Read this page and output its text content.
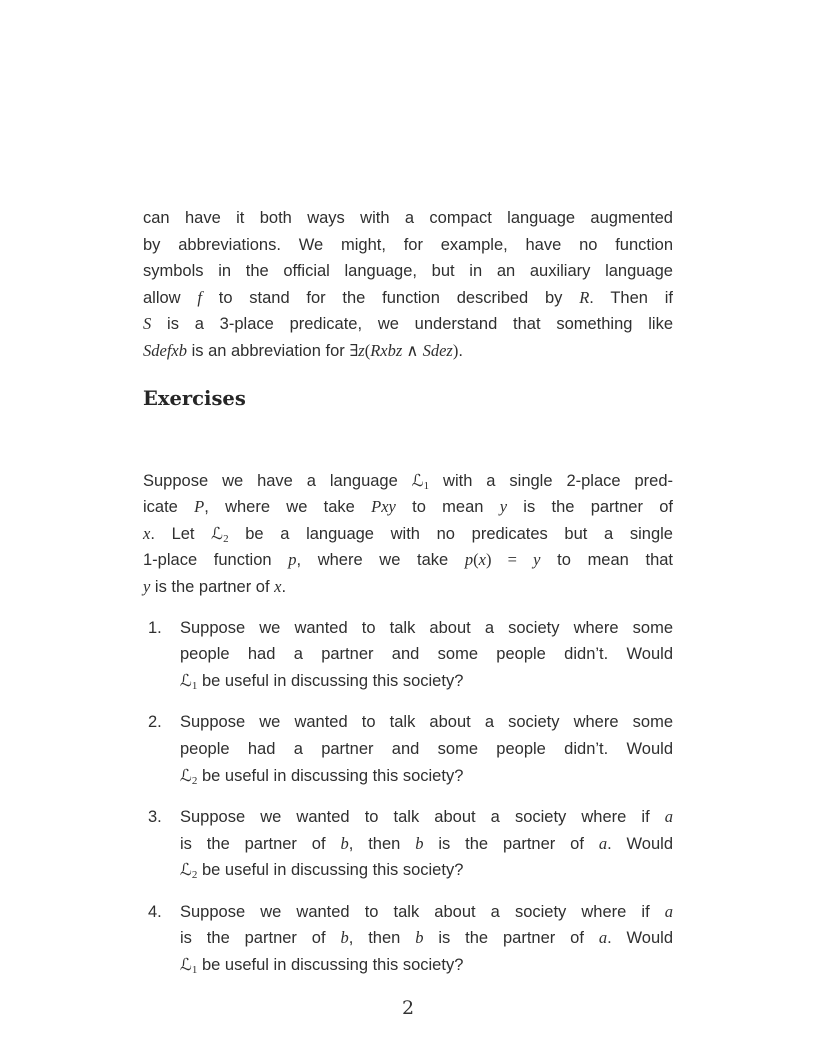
can have it both ways with a compact language augmented
by abbreviations. We might, for example, have no function
symbols in the official language, but in an auxiliary language
allow f to stand for the function described by R. Then if
S is a 3-place predicate, we understand that something like
Sdefxb is an abbreviation for ∃z(Rxbz ∧ Sdez).
Exercises
Suppose we have a language ℒ1 with a single 2-place pred-
icate P, where we take Pxy to mean y is the partner of
x. Let ℒ2 be a language with no predicates but a single
1-place function p, where we take p(x) = y to mean that
y is the partner of x.
1.	Suppose we wanted to talk about a society where some
people had a partner and some people didn’t. Would
ℒ1 be useful in discussing this society?
2.	Suppose we wanted to talk about a society where some
people had a partner and some people didn’t. Would
ℒ2 be useful in discussing this society?
3.	Suppose we wanted to talk about a society where if a
is the partner of b, then b is the partner of a. Would
ℒ2 be useful in discussing this society?
4.	Suppose we wanted to talk about a society where if a
is the partner of b, then b is the partner of a. Would
ℒ1 be useful in discussing this society?
2
